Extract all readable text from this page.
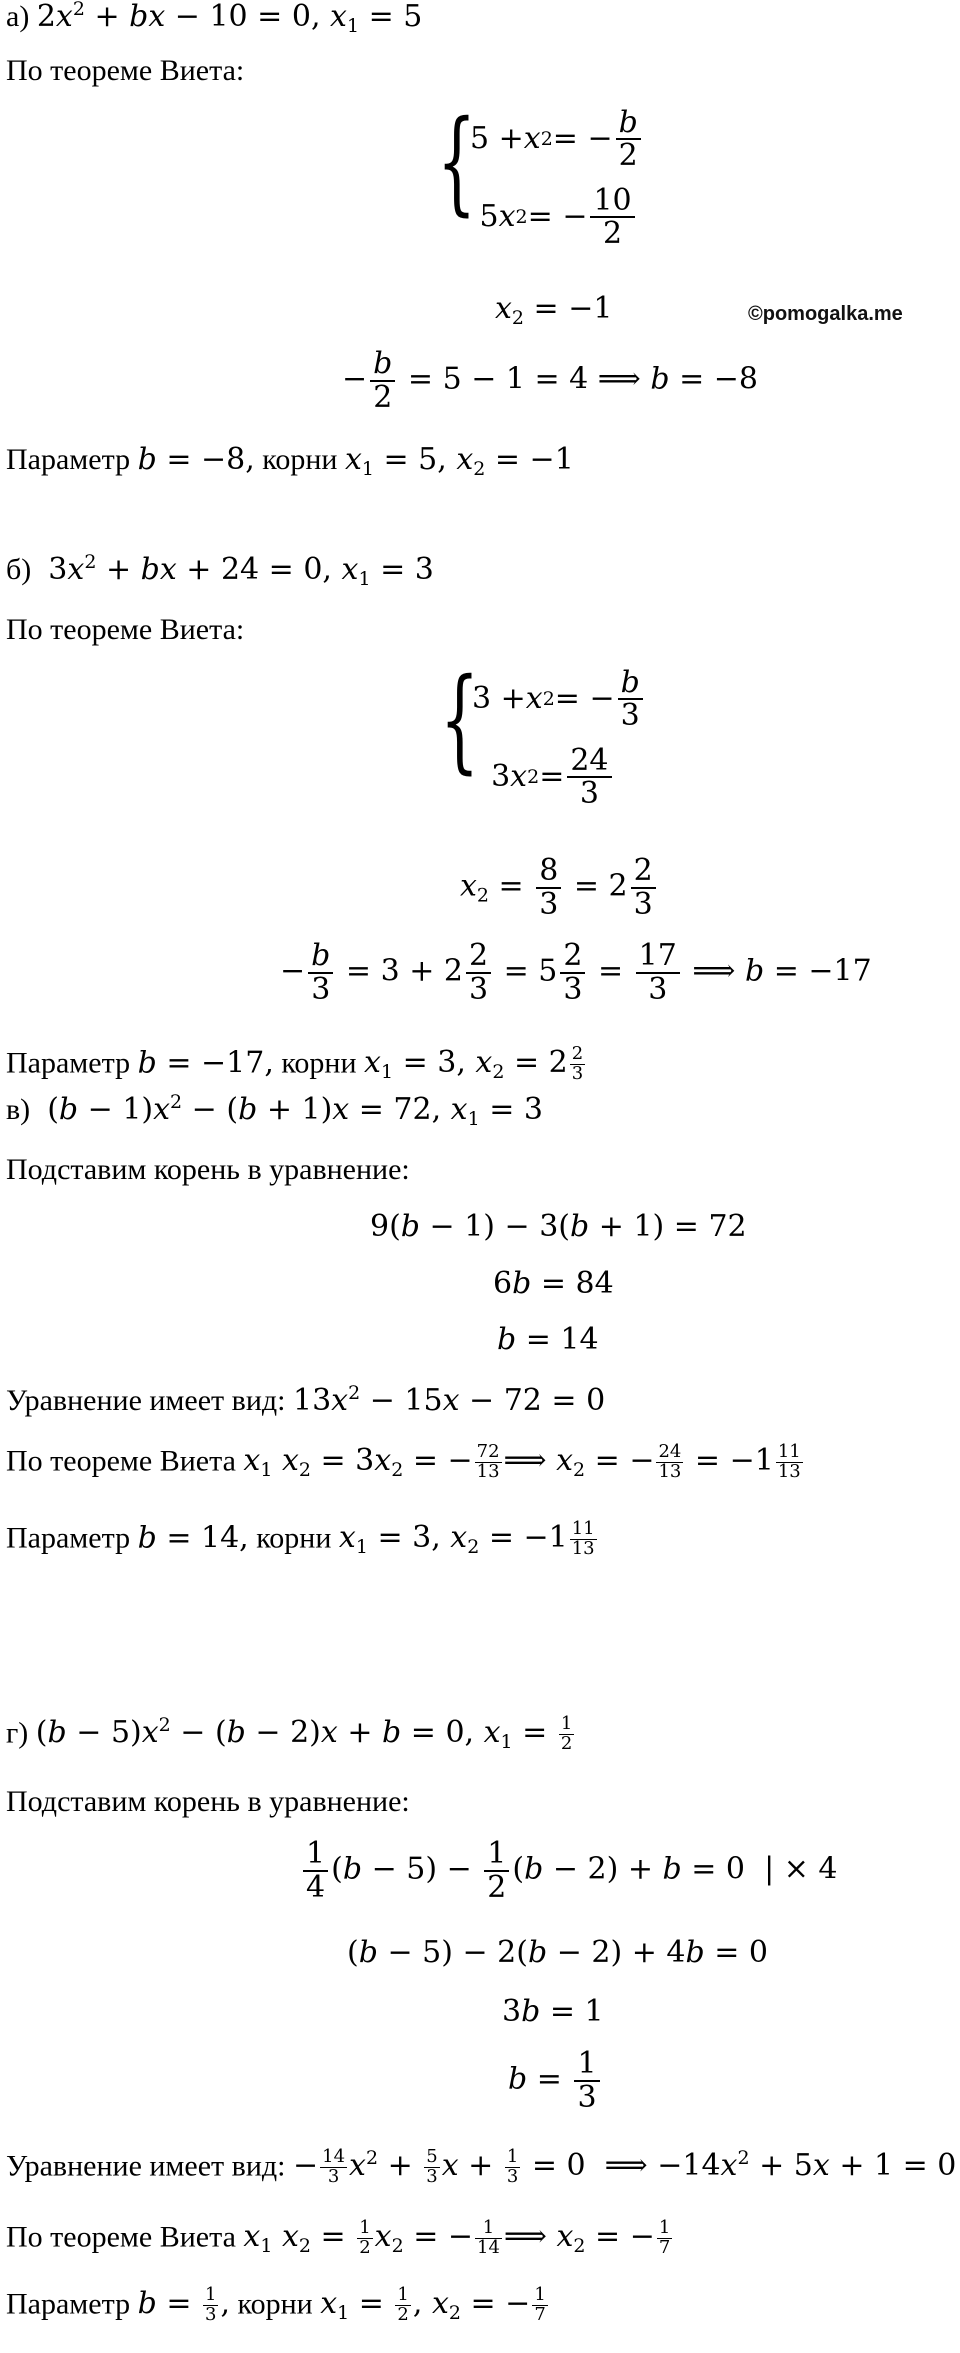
а) $2x^2$ + bx − 10 = 0, $x_1 = 5$
По теореме Виета:
{
5 + x 2 = − $\frac{b}{2}$
5 x 2 = − $\frac{10}{2}$
$x_2 = -1$	©pomogalka.me
− $\frac{b}{2} = 5 - 1 = 4$ ⟹ b = −8
Параметр b = −8, корни $x_1 = 5$, $x_2 = -1$
б)  $3x^2$ + bx + 24 = 0, $x_1 = 3$
По теореме Виета:
{
3 + x 2 = − $\frac{b}{3}$
3 x $2 = \frac{24}{3}$
$x_2 = \frac{8}{3} = 2 \frac{2}{3}$
− $\frac{b}{3} = 3 + 2 \frac{2}{3} = 5 \frac{2}{3} = \frac{17}{3}$ ⟹ b = −17
Параметр b = −17, корни $x_1 = 3$, $x_2 = 2 \frac{2}{3}$
в)  $(b - 1)x^2 - (b + 1)x = 72$, $x_1 = 3$
Подставим корень в уравнение:
9(b − 1) − 3(b + 1) = 72
6b = 84
b = 14
Уравнение имеет вид: $13x^2 - 15x - 72 = 0$
По теореме Виета $x_1$ $x_2 = 3x_2$ = − $\frac{72}{13}$ ⟹ $x_2$ = − $\frac{24}{13} = -1 \frac{11}{13}$
Параметр b = 14, корни $x_1 = 3$, $x_2 = -1 \frac{11}{13}$
г) $(b - 5)x^2 - (b - 2)x + b = 0$, $x_1 = \frac{1}{2}$
Подставим корень в уравнение:
$\frac{1}{4} (b - 5) - \frac{1}{2} (b - 2) + b = 0$  | × 4
(b − 5) − 2(b − 2) + 4b = 0
3b = 1
$b = \frac{1}{3}$
Уравнение имеет вид: − $\frac{14}{3} x^2 + \frac{5}{3}$ $x + \frac{1}{3} = 0$  ⟹ $-14x^2 + 5x + 1 = 0$
По теореме Виета $x_1$ $x_2 = \frac{1}{2} x_2$ = − $\frac{1}{14}$ ⟹ $x_2$ = − $\frac{1}{7}$
Параметр $b = \frac{1}{3}$ , корни $x_1 = \frac{1}{2}$ , $x_2$ = − $\frac{1}{7}$
